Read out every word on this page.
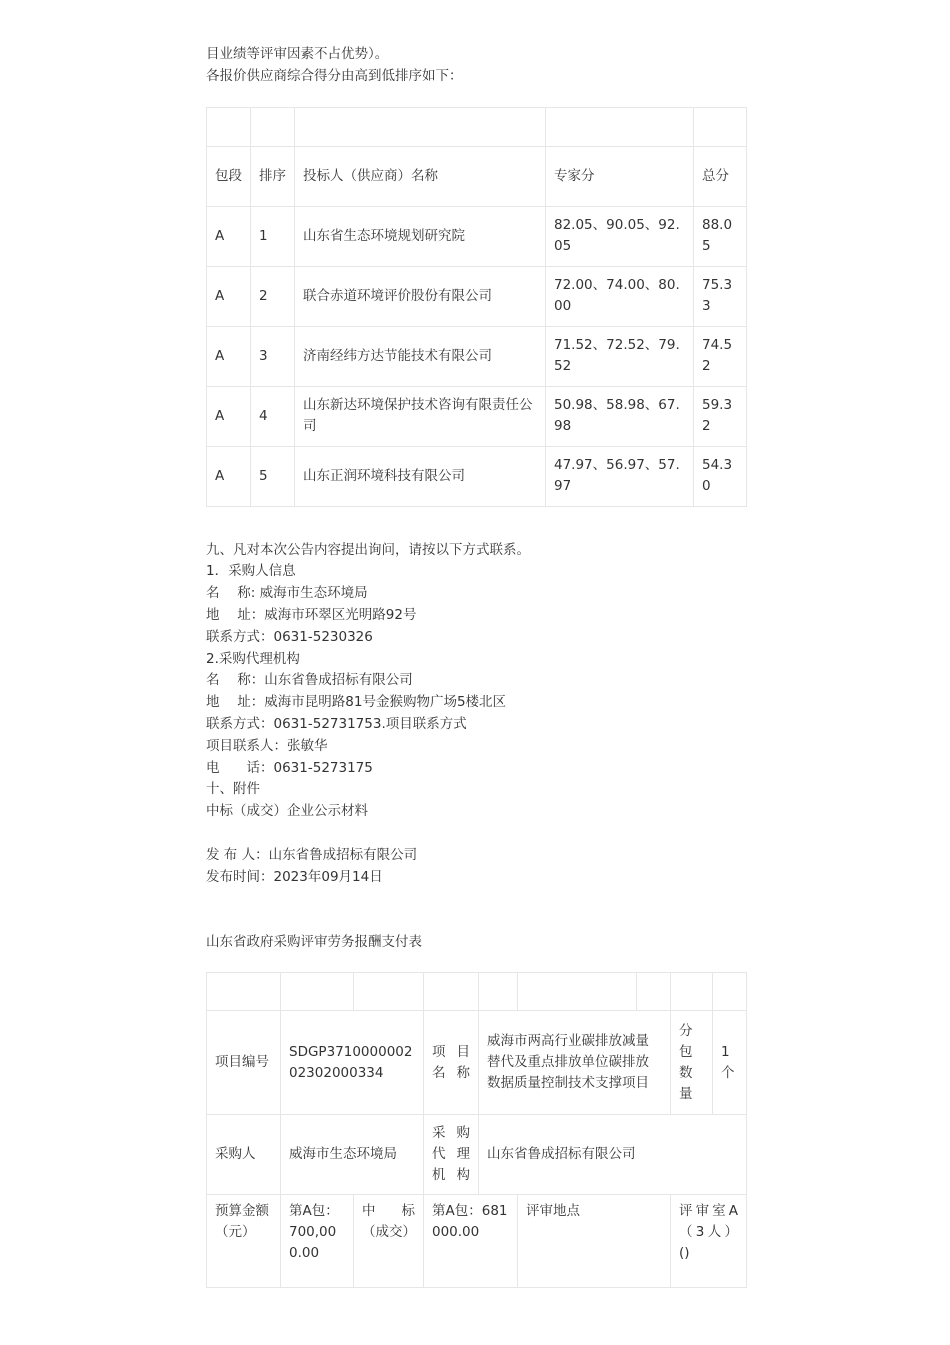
目业绩等评审因素不占优势）。
各报价供应商综合得分由高到低排序如下：

包段	排序	投标人（供应商）名称	专家分	总分
A	1	山东省生态环境规划研究院	82.05、90.05、92.05	88.05
A	2	联合赤道环境评价股份有限公司	72.00、74.00、80.00	75.33
A	3	济南经纬方达节能技术有限公司	71.52、72.52、79.52	74.52
A	4	山东新达环境保护技术咨询有限责任公司	50.98、58.98、67.98	59.32
A	5	山东正润环境科技有限公司	47.97、56.97、57.97	54.30
九、凡对本次公告内容提出询问，请按以下方式联系。
1．采购人信息
名　 称: 威海市生态环境局
地　 址：威海市环翠区光明路92号
联系方式：0631-5230326
2.采购代理机构
名　 称：山东省鲁成招标有限公司
地　 址：威海市昆明路81号金猴购物广场5楼北区
联系方式：0631-52731753.项目联系方式
项目联系人：张敏华
电　　话：0631-5273175
十、附件
中标（成交）企业公示材料
发 布 人：山东省鲁成招标有限公司
发布时间：2023年09月14日
山东省政府采购评审劳务报酬支付表

项目编号	SDGP371000000202302000334		项目名称	威海市两高行业碳排放减量替代及重点排放单位碳排放数据质量控制技术支撑项目			分包数量	1个
采购人	威海市生态环境局		采购代理机构	山东省鲁成招标有限公司				
预算金额（元）	第A包：700,000.00	中标（成交）	第A包：681000.00		评审地点		评审室A（3人）()	
